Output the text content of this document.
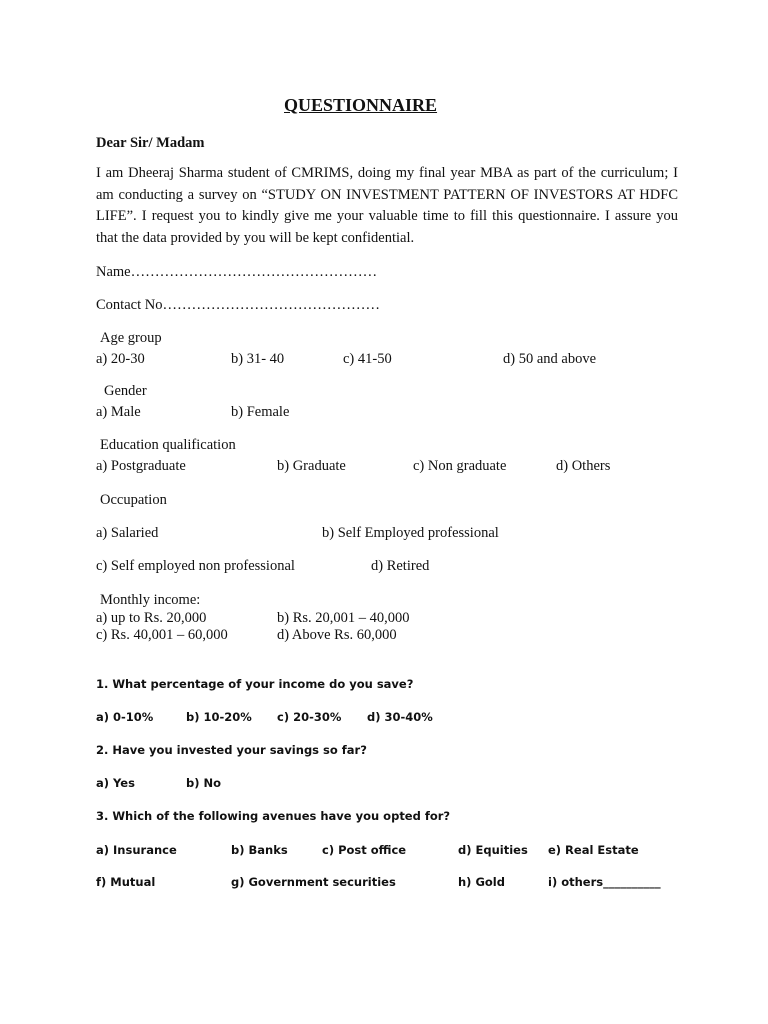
QUESTIONNAIRE
Dear Sir/ Madam
I am Dheeraj Sharma student of CMRIMS, doing my final year MBA as part of the curriculum; I am conducting a survey on “STUDY ON INVESTMENT PATTERN OF INVESTORS AT HDFC LIFE”. I request you to kindly give me your valuable time to fill this questionnaire. I assure you that the data provided by you will be kept confidential.
Name……………………………………………
Contact No………………………………………
Age group
a) 20-30	b) 31- 40	c) 41-50	d) 50 and above
Gender
a) Male	b) Female
Education qualification
a) Postgraduate	b) Graduate	c) Non graduate	d) Others
Occupation
a) Salaried	b) Self Employed professional
c) Self employed non professional	d) Retired
Monthly income:
a) up to Rs. 20,000	b) Rs. 20,001 – 40,000
c) Rs. 40,001 – 60,000	d) Above Rs. 60,000
1. What percentage of your income do you save?
a) 0-10%	b) 10-20% c) 20-30% d) 30-40%
2. Have you invested your savings so far?
a) Yes	b) No
3. Which of the following avenues have you opted for?
a) Insurance	b) Banks	c) Post office	d) Equities e) Real Estate
f) Mutual	g) Government securities	h) Gold	i) others__________
